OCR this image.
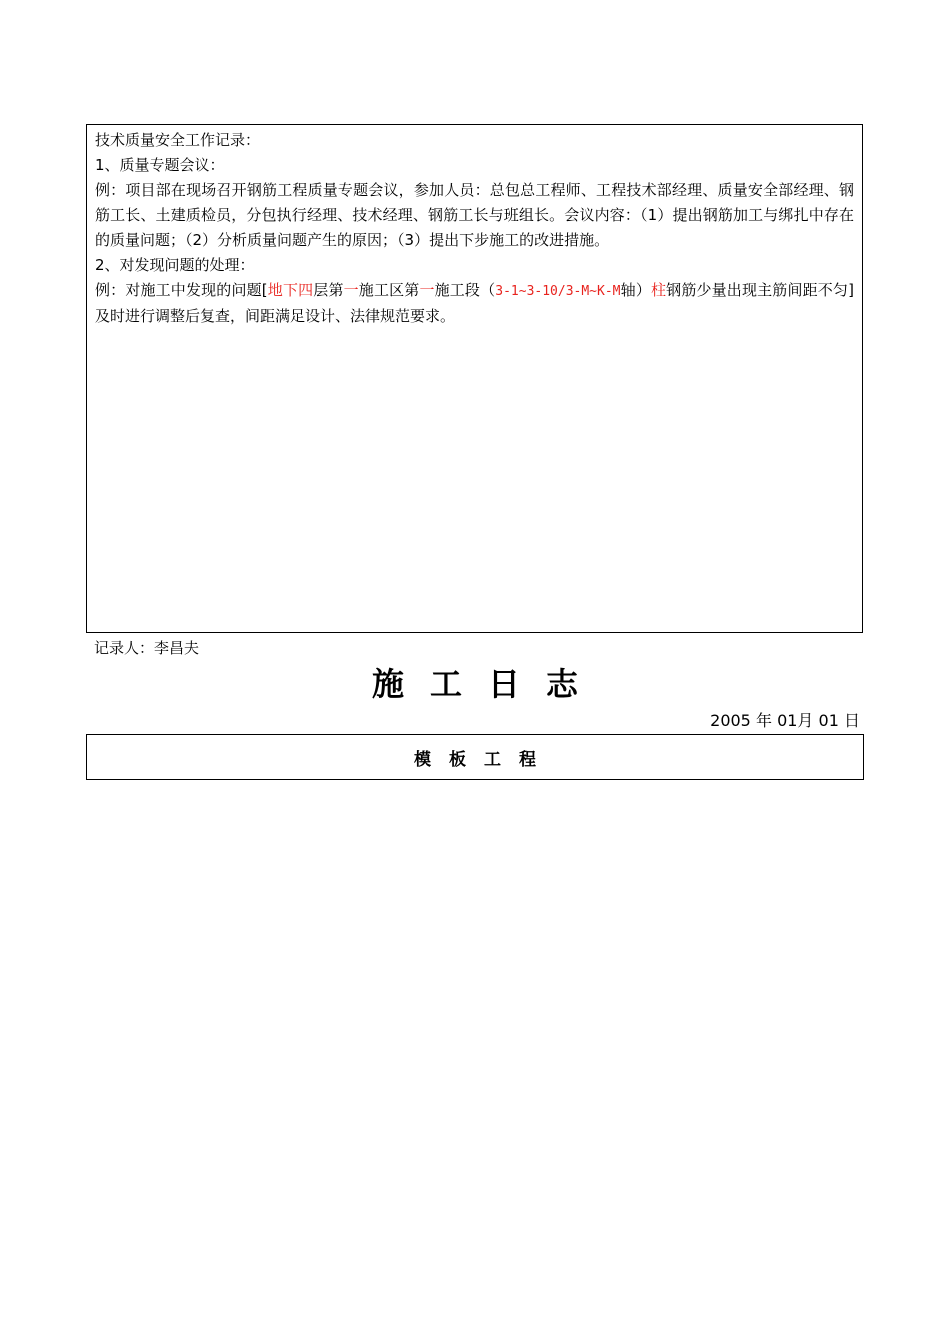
技术质量安全工作记录：

1、质量专题会议：

例：项目部在现场召开钢筋工程质量专题会议，参加人员：总包总工程师、工程技术部经理、质量安全部经理、钢筋工长、土建质检员，分包执行经理、技术经理、钢筋工长与班组长。会议内容：（1）提出钢筋加工与绑扎中存在的质量问题；（2）分析质量问题产生的原因；（3）提出下步施工的改进措施。

2、对发现问题的处理：

例：对施工中发现的问题[地下四层第一施工区第一施工段（3-1~3-10/3-M~K-M轴）柱钢筋少量出现主筋间距不匀]及时进行调整后复查，间距满足设计、法律规范要求。

记录人：李昌夫
施工日志
2005 年 01月 01 日
模板工程
